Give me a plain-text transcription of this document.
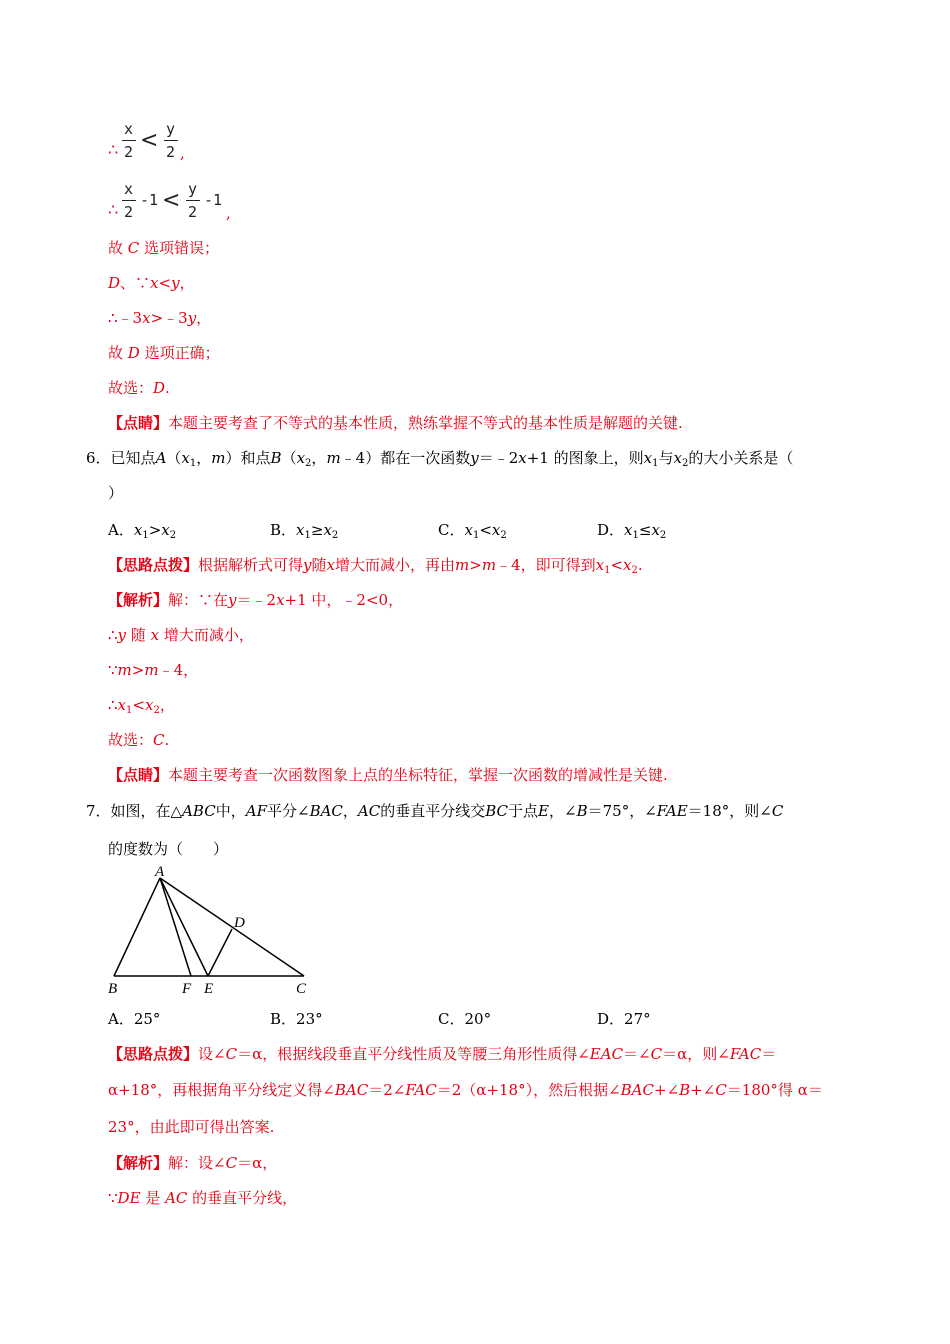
∴
x
2 < y
2 ,
∴
x
2
-1 < y
2
-1
,
故 C 选项错误；
D、∵x<y，
∴﹣3x>﹣3y，
故 D 选项正确；
故选：D.
【点睛】本题主要考查了不等式的基本性质，熟练掌握不等式的基本性质是解题的关键.
6．已知点$A(x_1$，m）和点$B(x_2$，m﹣4）都在一次函数y＝﹣2x+1 的图象上，则$x_1$与$x_2$的大小关系是（
）
A．$x_1>x_2$	B．$x_1\ge x_2$	C．$x_1<x_2$	D．$x_1\le x_2$
【思路点拨】根据解析式可得y随x增大而减小，再由m>m﹣4，即可得到$x_1<x_2$.
【解析】解：∵在y＝﹣2x+1 中，﹣2<0，
∴y 随 x 增大而减小，
∵m>m﹣4，
$\therefore x_1<x_2$，
故选：C.
【点睛】本题主要考查一次函数图象上点的坐标特征，掌握一次函数的增减性是关键.
7．如图，在△ABC中，AF平分∠BAC，AC的垂直平分线交BC于点E，∠B＝75°，∠FAE＝18°，则∠C
的度数为（　　）
A
B	C
D
E
F
A．25°	B．23°	C．20°	D．27°
【思路点拨】设∠C＝α，根据线段垂直平分线性质及等腰三角形性质得∠EAC＝∠C＝α，则∠FAC＝
α+18°，再根据角平分线定义得∠BAC＝2∠FAC＝2（α+18°），然后根据∠BAC+∠B+∠C＝180°得 α＝
23°，由此即可得出答案.
【解析】解：设∠C＝α，
∵DE 是 AC 的垂直平分线，
